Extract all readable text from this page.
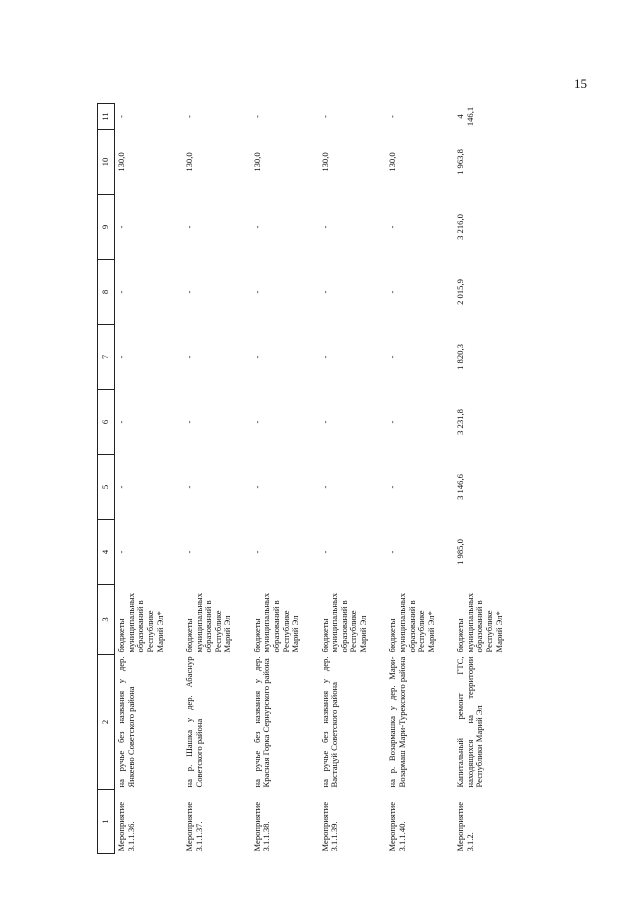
15
1	2	3	4	5	6	7	8	9	10	11
Мероприятие 3.1.1.36.	на ручье без названия у дер. Янкеево Советского района	бюджеты муниципальных образований в Республике Марий Эл*	-	-	-	-	-	-	130,0	-
Мероприятие 3.1.1.37.	на р. Шашка у дер. Абаснур Советского района	бюджеты муниципальных образований в Республике Марий Эл	-	-	-	-	-	-	130,0	-
Мероприятие 3.1.1.38.	на ручье без названия у дер. Красная Горка Сернурского района	бюджеты муниципальных образований в Республике Марий Эл	-	-	-	-	-	-	130,0	-
Мероприятие 3.1.1.39.	на ручье без названия у дер. Вастацуй Советского района	бюджеты муниципальных образований в Республике Марий Эл	-	-	-	-	-	-	130,0	-
Мероприятие 3.1.1.40.	на р. Возармашка у дер. Мари-Возармаш Мари-Турекского района	бюджеты муниципальных образований в Республике Марий Эл*	-	-	-	-	-	-	130,0	-
Мероприятие 3.1.2.	Капитальный ремонт ГТС, находящихся на территории Республики Марий Эл	бюджеты муниципальных образований в Республике Марий Эл*	1 985,0	3 146,6	3 231,8	1 820,3	2 015,9	3 216,0	1 963,8	4 146,1
